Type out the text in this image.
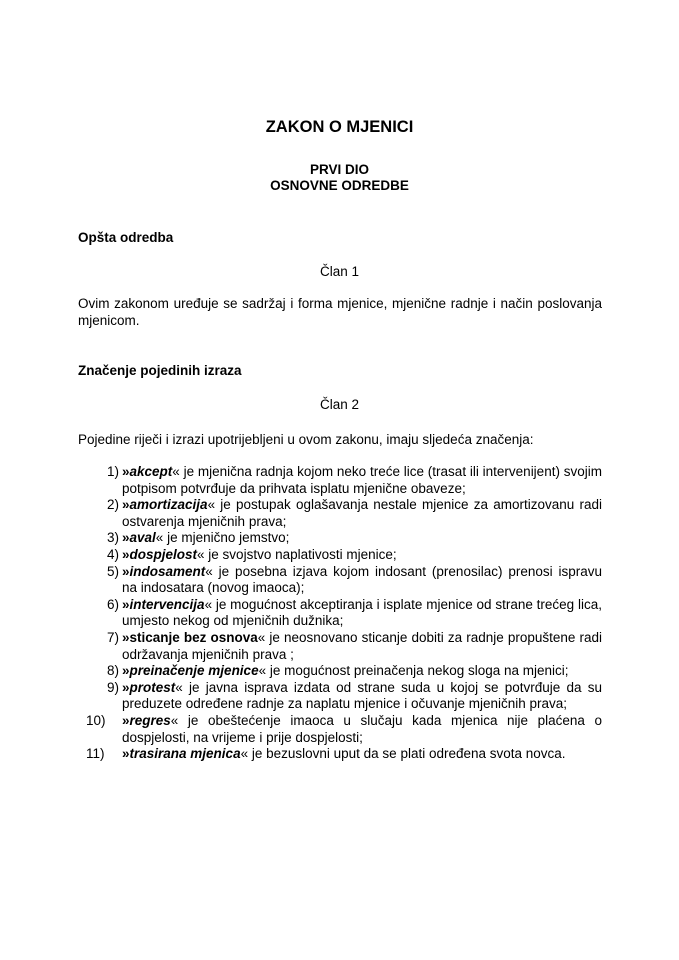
ZAKON O MJENICI
PRVI DIO
OSNOVNE ODREDBE
Opšta odredba
Član 1
Ovim zakonom uređuje se sadržaj i forma mjenice, mjenične radnje i način poslovanja mjenicom.
Značenje pojedinih izraza
Član 2
Pojedine riječi i izrazi upotrijebljeni u ovom zakonu, imaju sljedeća značenja:
1) »akcept« je mjenična radnja kojom neko treće lice (trasat ili intervenijent) svojim potpisom potvrđuje da prihvata isplatu mjenične obaveze;
2) »amortizacija« je postupak oglašavanja nestale mjenice za amortizovanu radi ostvarenja mjeničnih prava;
3) »aval« je mjenično jemstvo;
4) »dospjelost« je svojstvo naplativosti mjenice;
5) »indosament« je posebna izjava kojom indosant (prenosilac) prenosi ispravu na indosatara (novog imaoca);
6) »intervencija« je mogućnost akceptiranja i isplate mjenice od strane trećeg lica, umjesto nekog od mjeničnih dužnika;
7) »sticanje bez osnova« je neosnovano sticanje dobiti za radnje propuštene radi održavanja mjeničnih prava ;
8) »preinačenje mjenice« je mogućnost preinačenja nekog sloga na mjenici;
9) »protest« je javna isprava izdata od strane suda u kojoj se potvrđuje da su preduzete određene radnje za naplatu mjenice i očuvanje mjeničnih prava;
10)	»regres« je obeštećenje imaoca u slučaju kada mjenica nije plaćena o dospjelosti, na vrijeme i prije dospjelosti;
11)	»trasirana mjenica« je bezuslovni uput da se plati određena svota novca.
